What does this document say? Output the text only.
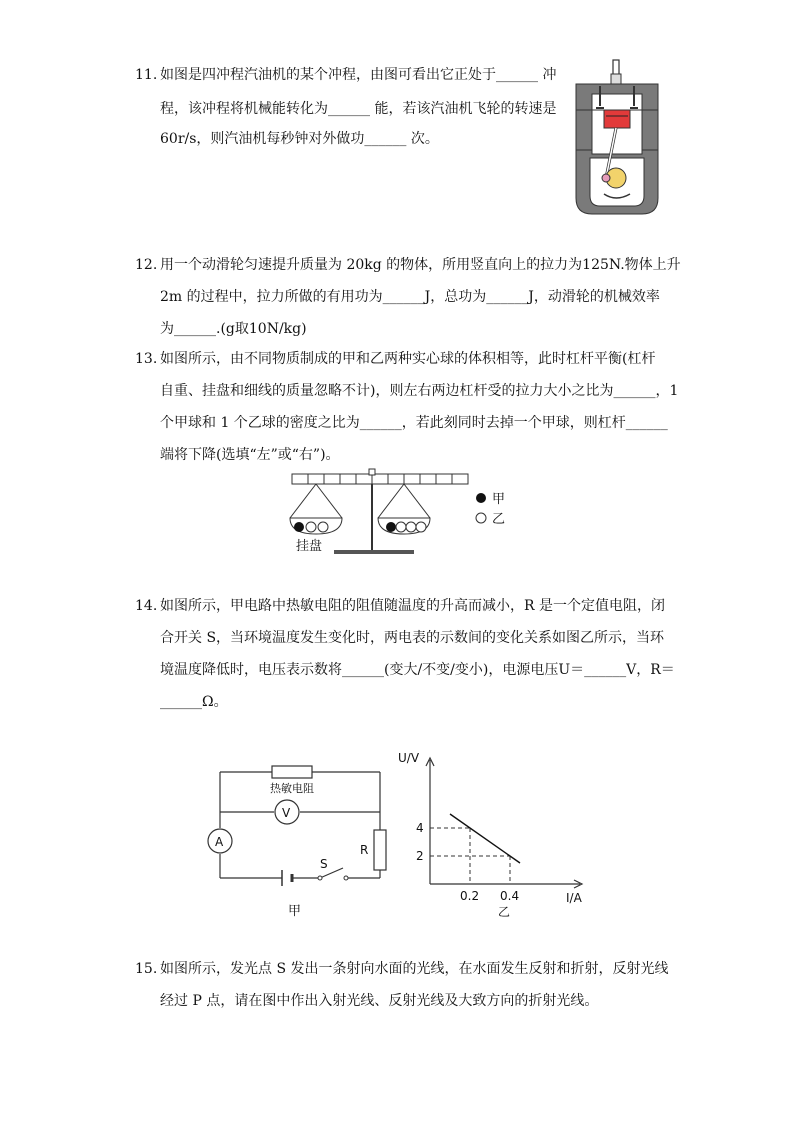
11. 如图是四冲程汽油机的某个冲程，由图可看出它正处于______ 冲
程，该冲程将机械能转化为______ 能，若该汽油机飞轮的转速是
60r/s，则汽油机每秒钟对外做功______ 次。
12. 用一个动滑轮匀速提升质量为 20kg 的物体，所用竖直向上的拉力为125N.物体上升
2m 的过程中，拉力所做的有用功为______J，总功为______J，动滑轮的机械效率
为______.(g取10N/kg)
13. 如图所示，由不同物质制成的甲和乙两种实心球的体积相等，此时杠杆平衡(杠杆
自重、挂盘和细线的质量忽略不计)，则左右两边杠杆受的拉力大小之比为______，1
个甲球和 1 个乙球的密度之比为______，若此刻同时去掉一个甲球，则杠杆______
端将下降(选填“左”或“右”)。
挂盘
甲
乙
14. 如图所示，甲电路中热敏电阻的阻值随温度的升高而减小，R 是一个定值电阻，闭
合开关 S，当环境温度发生变化时，两电表的示数间的变化关系如图乙所示，当环
境温度降低时，电压表示数将______(变大/不变/变小)，电源电压U＝______V，R＝
______Ω。
热敏电阻
V
A
R
S
甲
U/V
I/A
2
4
0.2 0.4
乙
15. 如图所示，发光点 S 发出一条射向水面的光线，在水面发生反射和折射，反射光线
经过 P 点，请在图中作出入射光线、反射光线及大致方向的折射光线。
